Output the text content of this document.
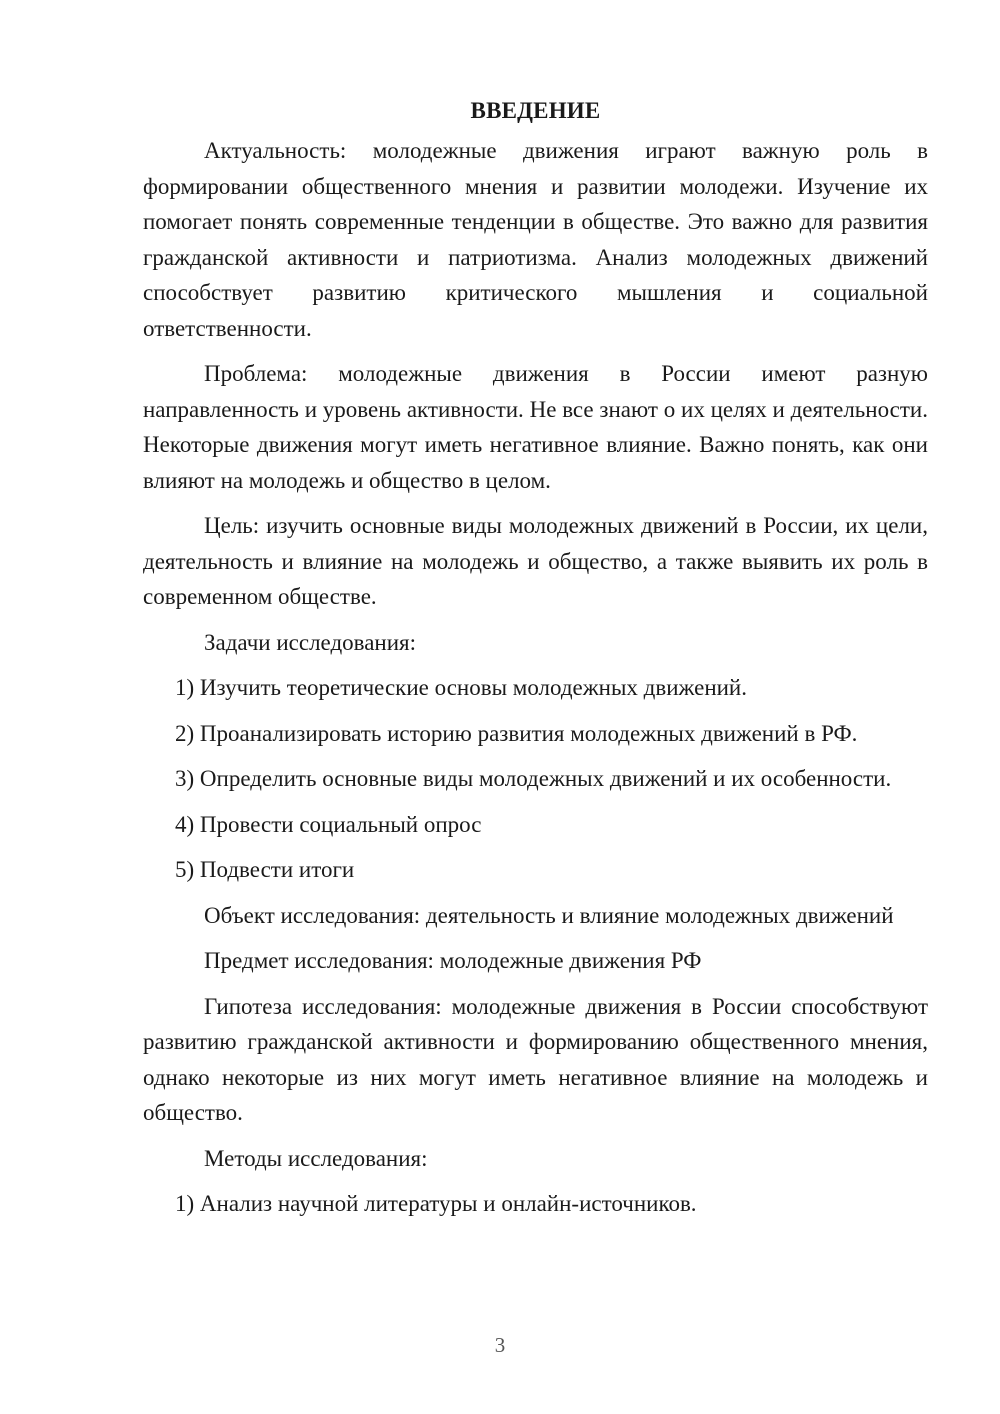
ВВЕДЕНИЕ

Актуальность: молодежные движения играют важную роль в формировании общественного мнения и развитии молодежи. Изучение их помогает понять современные тенденции в обществе. Это важно для развития гражданской активности и патриотизма. Анализ молодежных движений способствует развитию критического мышления и социальной ответственности.

Проблема: молодежные движения в России имеют разную направленность и уровень активности. Не все знают о их целях и деятельности. Некоторые движения могут иметь негативное влияние. Важно понять, как они влияют на молодежь и общество в целом.

Цель: изучить основные виды молодежных движений в России, их цели, деятельность и влияние на молодежь и общество, а также выявить их роль в современном обществе.

Задачи исследования:

1) Изучить теоретические основы молодежных движений.

2) Проанализировать историю развития молодежных движений в РФ.

3) Определить основные виды молодежных движений и их особенности.

4) Провести социальный опрос

5) Подвести итоги

Объект исследования: деятельность и влияние молодежных движений

Предмет исследования: молодежные движения РФ

Гипотеза исследования: молодежные движения в России способствуют развитию гражданской активности и формированию общественного мнения, однако некоторые из них могут иметь негативное влияние на молодежь и общество.

Методы исследования:

1) Анализ научной литературы и онлайн-источников.

3
